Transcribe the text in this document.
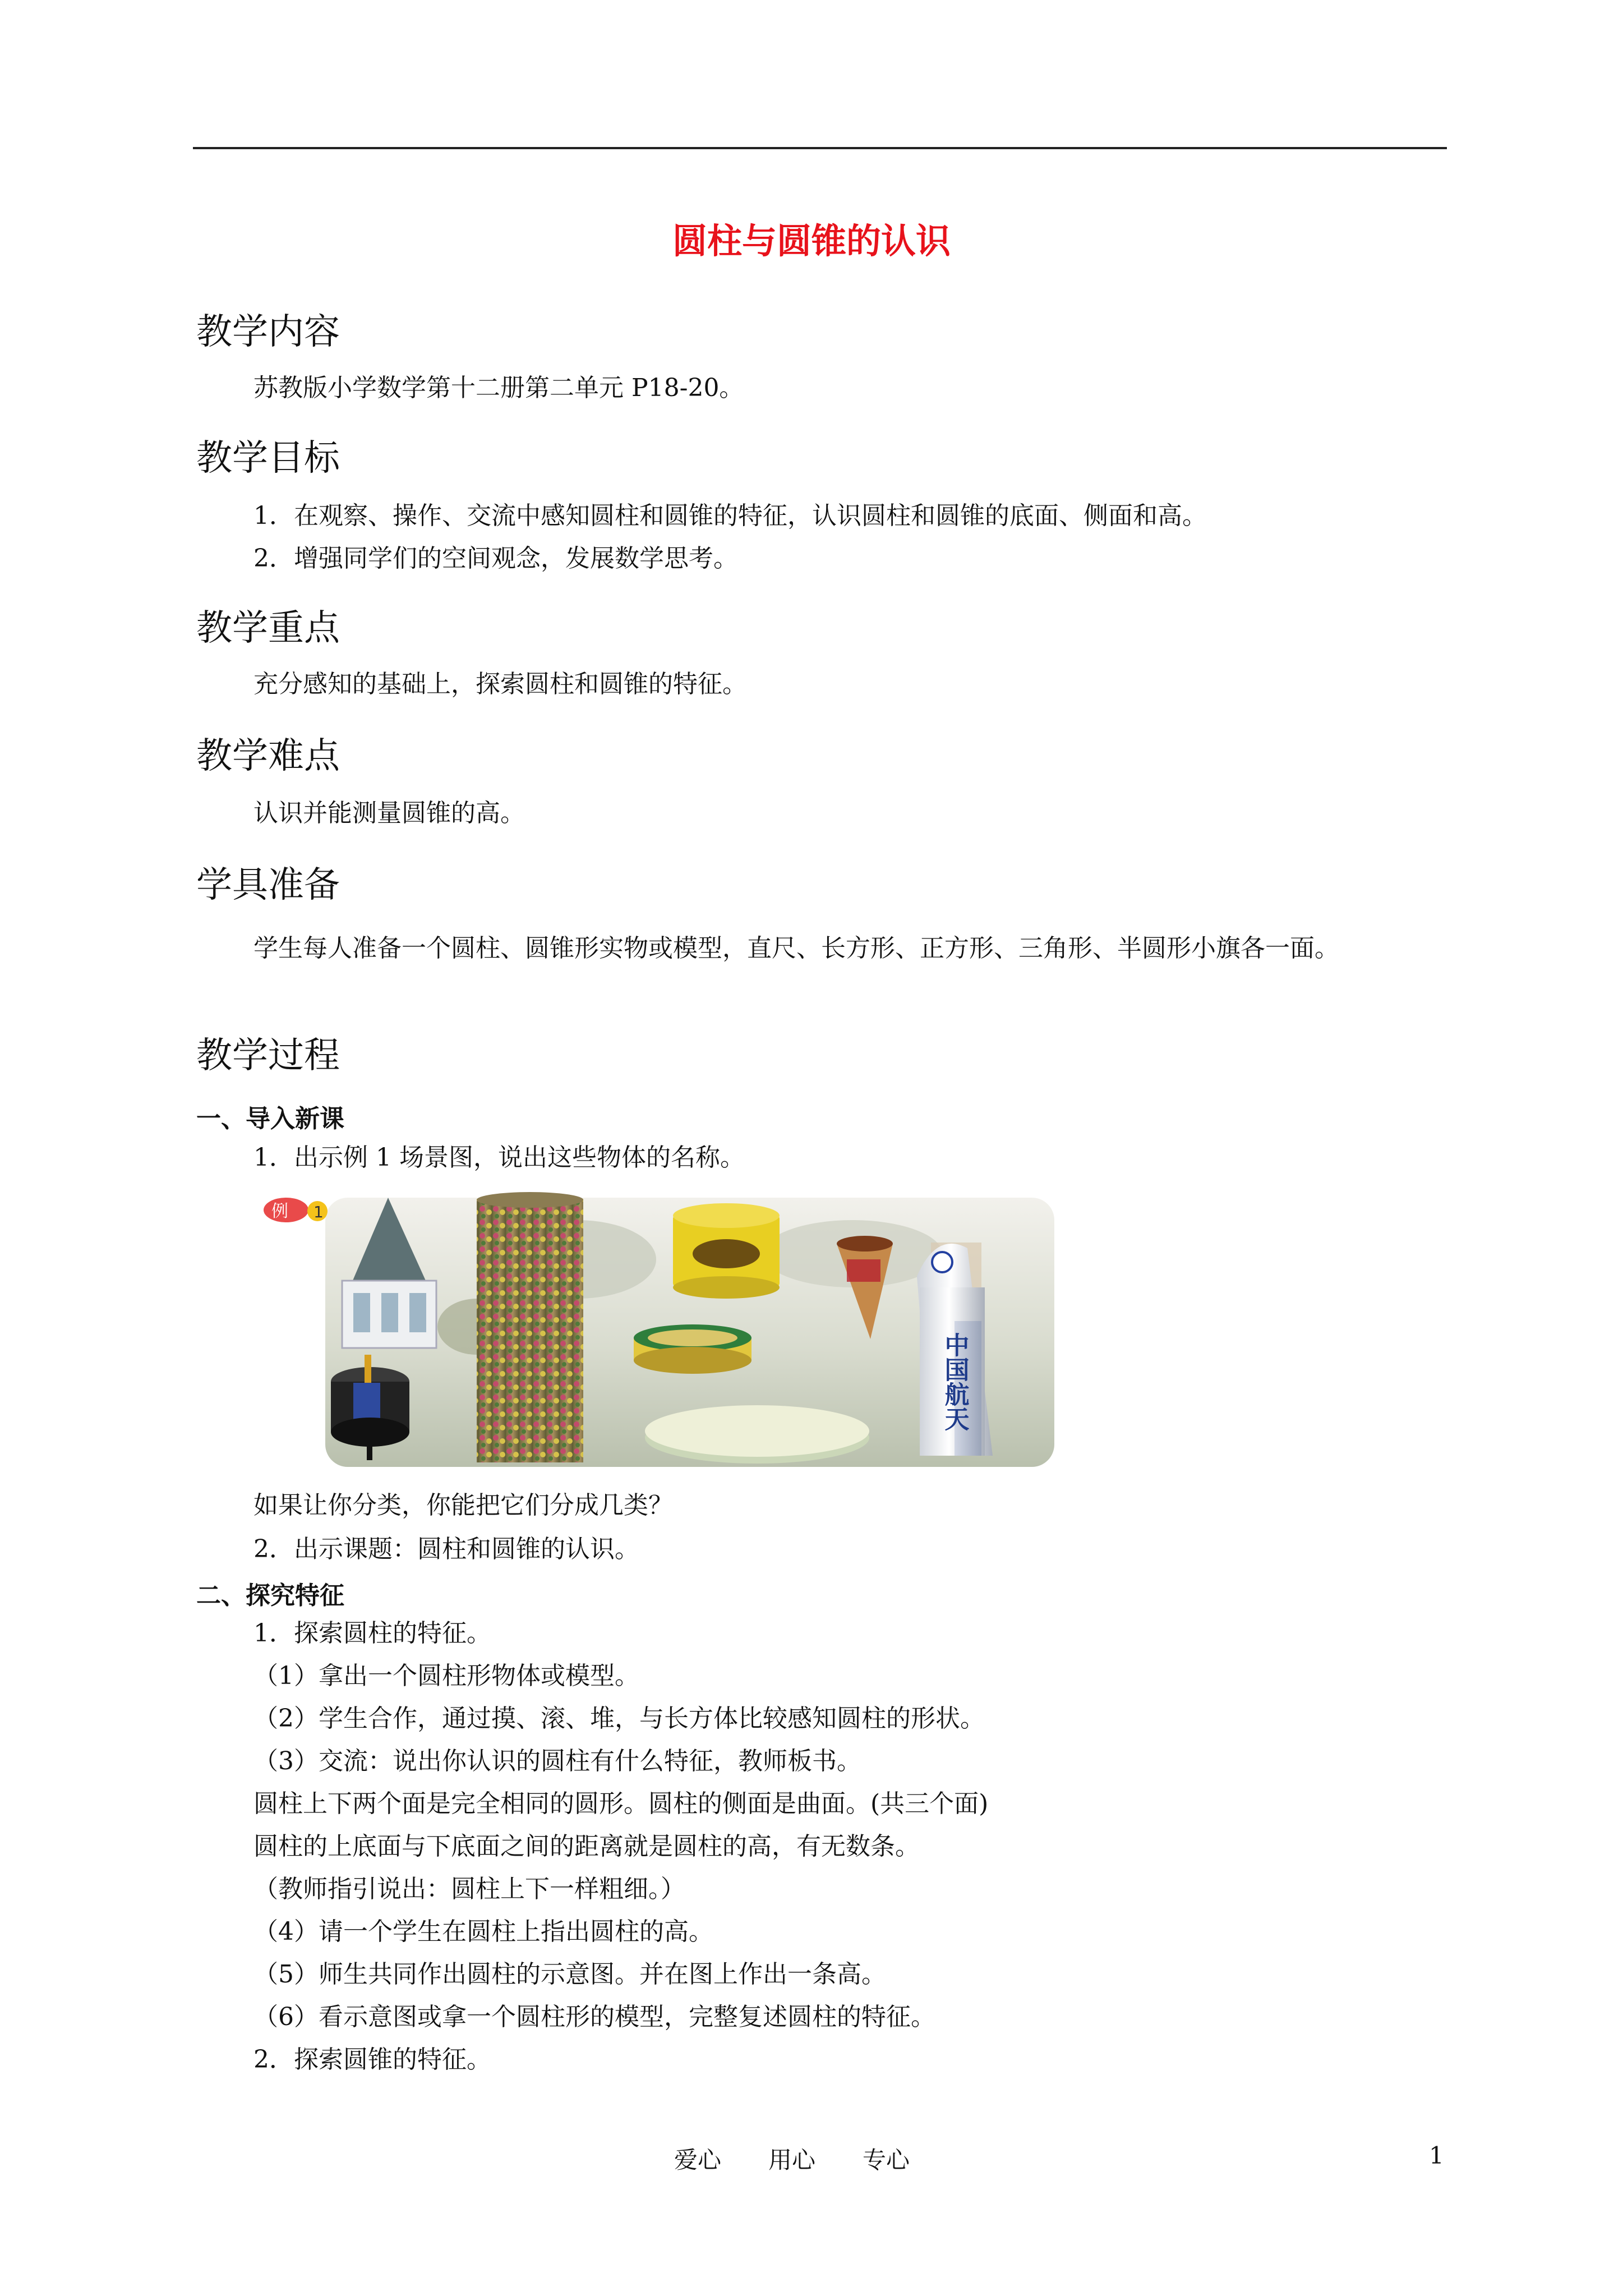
圆柱与圆锥的认识
教学内容
苏教版小学数学第十二册第二单元 P18-20。
教学目标
1．在观察、操作、交流中感知圆柱和圆锥的特征，认识圆柱和圆锥的底面、侧面和高。
2．增强同学们的空间观念，发展数学思考。
教学重点
充分感知的基础上，探索圆柱和圆锥的特征。
教学难点
认识并能测量圆锥的高。
学具准备
学生每人准备一个圆柱、圆锥形实物或模型，直尺、长方形、正方形、三角形、半圆形小旗各一面。
教学过程
一、导入新课
1．出示例 1 场景图，说出这些物体的名称。
例 1
中国航天
如果让你分类，你能把它们分成几类？
2．出示课题：圆柱和圆锥的认识。
二、探究特征
1．探索圆柱的特征。
（1）拿出一个圆柱形物体或模型。
（2）学生合作，通过摸、滚、堆，与长方体比较感知圆柱的形状。
（3）交流：说出你认识的圆柱有什么特征，教师板书。
圆柱上下两个面是完全相同的圆形。圆柱的侧面是曲面。(共三个面)
圆柱的上底面与下底面之间的距离就是圆柱的高，有无数条。
（教师指引说出：圆柱上下一样粗细。）
（4）请一个学生在圆柱上指出圆柱的高。
（5）师生共同作出圆柱的示意图。并在图上作出一条高。
（6）看示意图或拿一个圆柱形的模型，完整复述圆柱的特征。
2．探索圆锥的特征。
爱心　　用心　　专心	1
